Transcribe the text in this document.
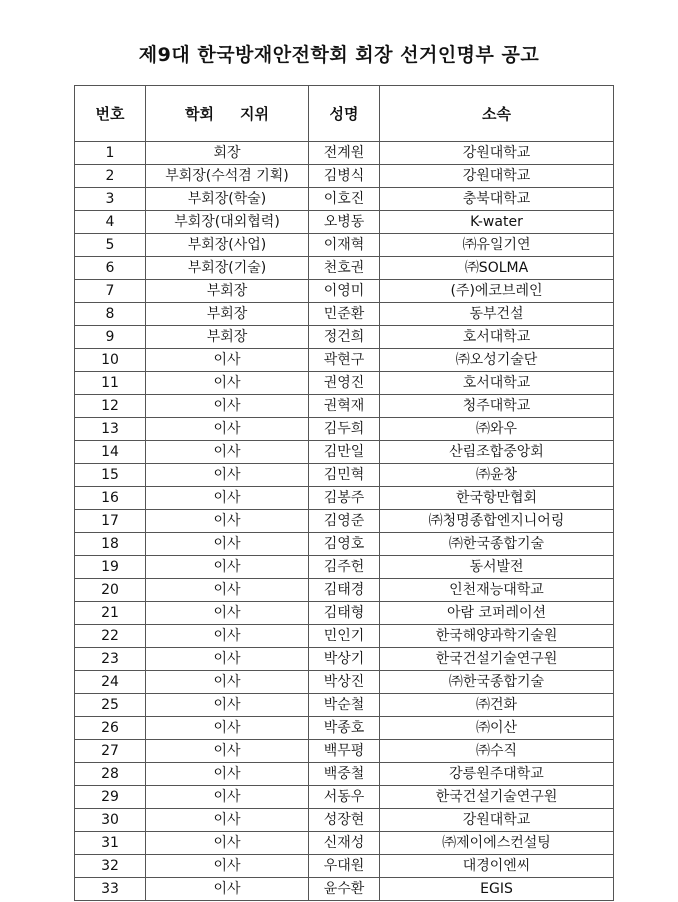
제9대 한국방재안전학회 회장 선거인명부 공고
번호	학회 지위	성명	소속
1	회장	전계원	강원대학교
2	부회장(수석겸 기획)	김병식	강원대학교
3	부회장(학술)	이호진	충북대학교
4	부회장(대외협력)	오병동	K-water
5	부회장(사업)	이재혁	㈜유일기연
6	부회장(기술)	천호권	㈜SOLMA
7	부회장	이영미	(주)에코브레인
8	부회장	민준환	동부건설
9	부회장	정건희	호서대학교
10	이사	곽현구	㈜오성기술단
11	이사	권영진	호서대학교
12	이사	권혁재	청주대학교
13	이사	김두희	㈜와우
14	이사	김만일	산림조합중앙회
15	이사	김민혁	㈜윤창
16	이사	김봉주	한국항만협회
17	이사	김영준	㈜청명종합엔지니어링
18	이사	김영호	㈜한국종합기술
19	이사	김주헌	동서발전
20	이사	김태경	인천재능대학교
21	이사	김태형	아람 코퍼레이션
22	이사	민인기	한국해양과학기술원
23	이사	박상기	한국건설기술연구원
24	이사	박상진	㈜한국종합기술
25	이사	박순철	㈜건화
26	이사	박종호	㈜이산
27	이사	백무평	㈜수직
28	이사	백중철	강릉원주대학교
29	이사	서동우	한국건설기술연구원
30	이사	성장현	강원대학교
31	이사	신재성	㈜제이에스컨설팅
32	이사	우대원	대경이엔씨
33	이사	윤수환	EGIS
